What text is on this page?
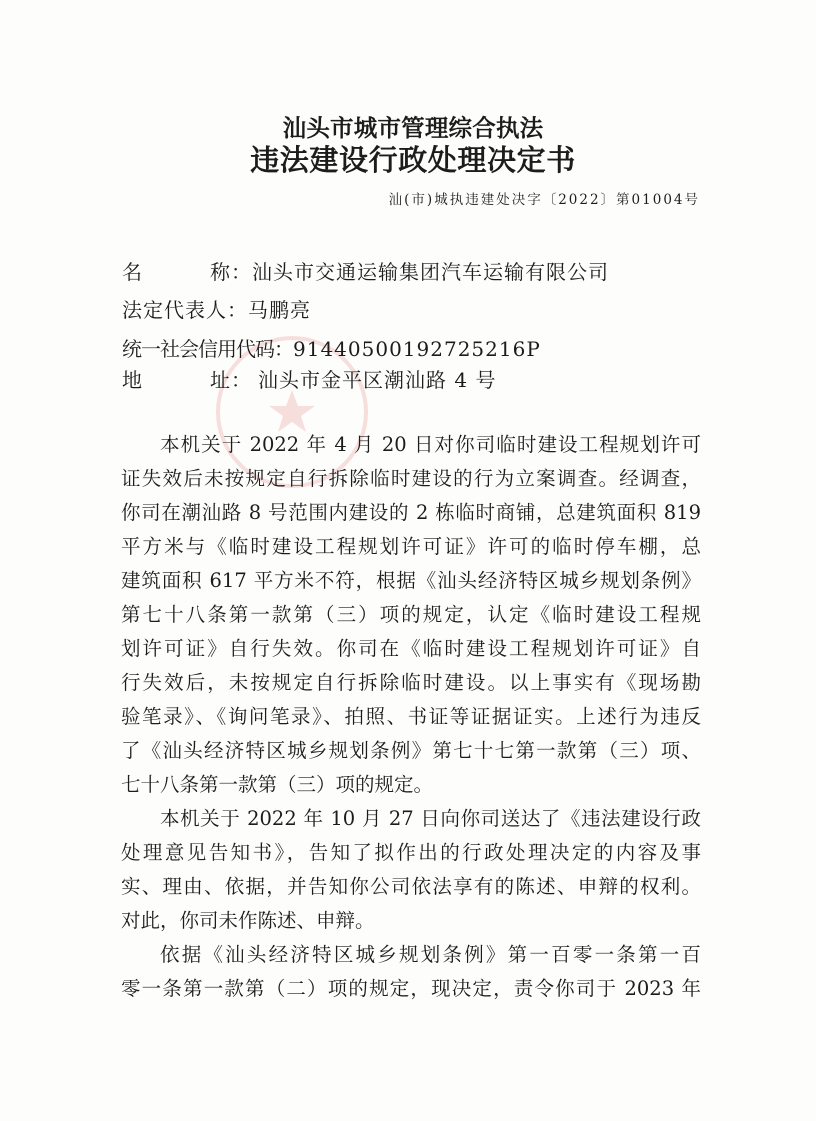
汕头市城市管理综合执法
违法建设行政处理决定书
汕(市)城执违建处决字〔2022〕第01004号
名	称： 汕头市交通运输集团汽车运输有限公司
法定代表人： 马鹏亮
统一社会信用代码： 91440500192725216P
地	址： 汕头市金平区潮汕路 4 号
本机关于 2022 年 4 月 20 日对你司临时建设工程规划许可
证失效后未按规定自行拆除临时建设的行为立案调查。经调查，
你司在潮汕路 8 号范围内建设的 2 栋临时商铺，总建筑面积 819
平方米与《临时建设工程规划许可证》许可的临时停车棚，总
建筑面积 617 平方米不符，根据《汕头经济特区城乡规划条例》
第七十八条第一款第（三）项的规定，认定《临时建设工程规
划许可证》自行失效。你司在《临时建设工程规划许可证》自
行失效后，未按规定自行拆除临时建设。以上事实有《现场勘
验笔录》、《询问笔录》、拍照、书证等证据证实。上述行为违反
了《汕头经济特区城乡规划条例》第七十七第一款第（三）项、
七十八条第一款第（三）项的规定。
本机关于 2022 年 10 月 27 日向你司送达了《违法建设行政
处理意见告知书》，告知了拟作出的行政处理决定的内容及事
实、理由、依据，并告知你公司依法享有的陈述、申辩的权利。
对此，你司未作陈述、申辩。
依据《汕头经济特区城乡规划条例》第一百零一条第一百
零一条第一款第（二）项的规定，现决定，责令你司于 2023 年
